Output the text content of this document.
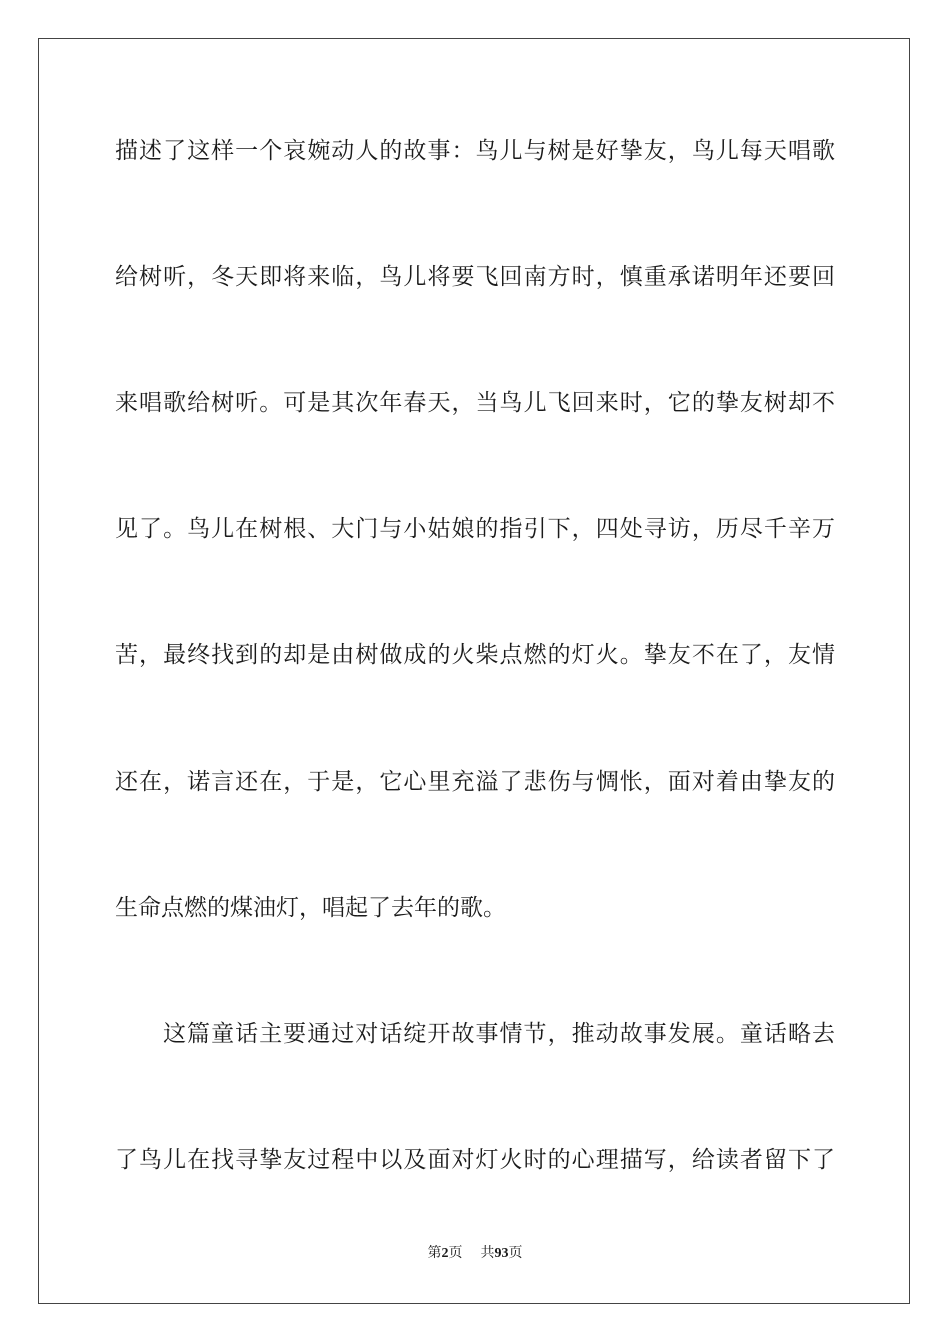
描述了这样一个哀婉动人的故事：鸟儿与树是好挚友，鸟儿每天唱歌

给树听，冬天即将来临，鸟儿将要飞回南方时，慎重承诺明年还要回

来唱歌给树听。可是其次年春天，当鸟儿飞回来时，它的挚友树却不

见了。鸟儿在树根、大门与小姑娘的指引下，四处寻访，历尽千辛万

苦，最终找到的却是由树做成的火柴点燃的灯火。挚友不在了，友情

还在，诺言还在，于是，它心里充溢了悲伤与惆怅，面对着由挚友的

生命点燃的煤油灯，唱起了去年的歌。

这篇童话主要通过对话绽开故事情节，推动故事发展。童话略去

了鸟儿在找寻挚友过程中以及面对灯火时的心理描写，给读者留下了

第2页 共93页
